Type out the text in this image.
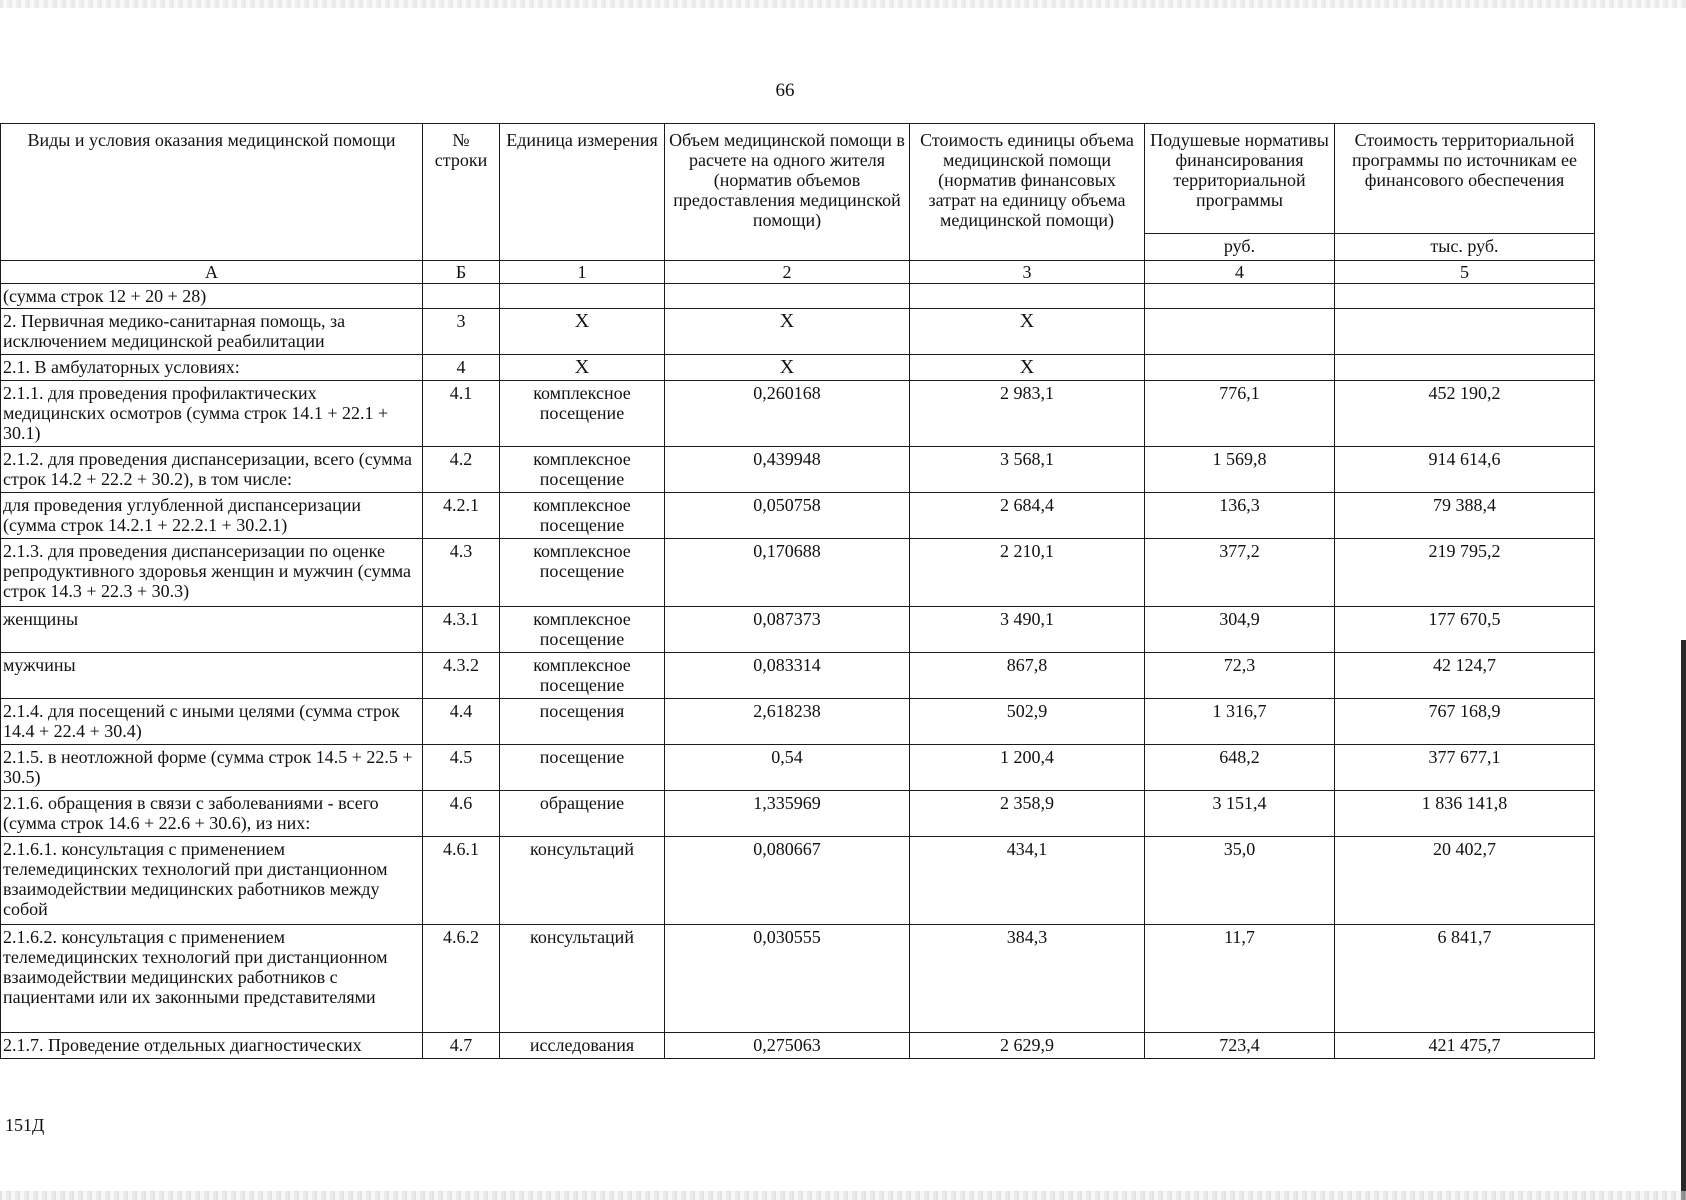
66
Виды и условия оказания медицинской помощи	№ строки	Единица измерения	Объем медицинской помощи в расчете на одного жителя (норматив объемов предоставления медицинской помощи)	Стоимость единицы объема медицинской помощи (норматив финансовых затрат на единицу объема медицинской помощи)	Подушевые нормативы финансирования территориальной программы	Стоимость территориальной программы по источникам ее финансового обеспечения
					руб.	тыс. руб.
А	Б	1	2	3	4	5
(сумма строк 12 + 20 + 28)						
2. Первичная медико-санитарная помощь, за исключением медицинской реабилитации	3	Х	Х	Х		
2.1. В амбулаторных условиях:	4	Х	Х	Х		
2.1.1. для проведения профилактических медицинских осмотров (сумма строк 14.1 + 22.1 + 30.1)	4.1	комплексное посещение	0,260168	2 983,1	776,1	452 190,2
2.1.2. для проведения диспансеризации, всего (сумма строк 14.2 + 22.2 + 30.2), в том числе:	4.2	комплексное посещение	0,439948	3 568,1	1 569,8	914 614,6
для проведения углубленной диспансеризации (сумма строк 14.2.1 + 22.2.1 + 30.2.1)	4.2.1	комплексное посещение	0,050758	2 684,4	136,3	79 388,4
2.1.3. для проведения диспансеризации по оценке репродуктивного здоровья женщин и мужчин (сумма строк 14.3 + 22.3 + 30.3)	4.3	комплексное посещение	0,170688	2 210,1	377,2	219 795,2
женщины	4.3.1	комплексное посещение	0,087373	3 490,1	304,9	177 670,5
мужчины	4.3.2	комплексное посещение	0,083314	867,8	72,3	42 124,7
2.1.4. для посещений с иными целями (сумма строк 14.4 + 22.4 + 30.4)	4.4	посещения	2,618238	502,9	1 316,7	767 168,9
2.1.5. в неотложной форме (сумма строк 14.5 + 22.5 + 30.5)	4.5	посещение	0,54	1 200,4	648,2	377 677,1
2.1.6. обращения в связи с заболеваниями - всего (сумма строк 14.6 + 22.6 + 30.6), из них:	4.6	обращение	1,335969	2 358,9	3 151,4	1 836 141,8
2.1.6.1. консультация с применением телемедицинских технологий при дистанционном взаимодействии медицинских работников между собой	4.6.1	консультаций	0,080667	434,1	35,0	20 402,7
2.1.6.2. консультация с применением телемедицинских технологий при дистанционном взаимодействии медицинских работников с пациентами или их законными представителями	4.6.2	консультаций	0,030555	384,3	11,7	6 841,7
2.1.7. Проведение отдельных диагностических	4.7	исследования	0,275063	2 629,9	723,4	421 475,7
151Д
